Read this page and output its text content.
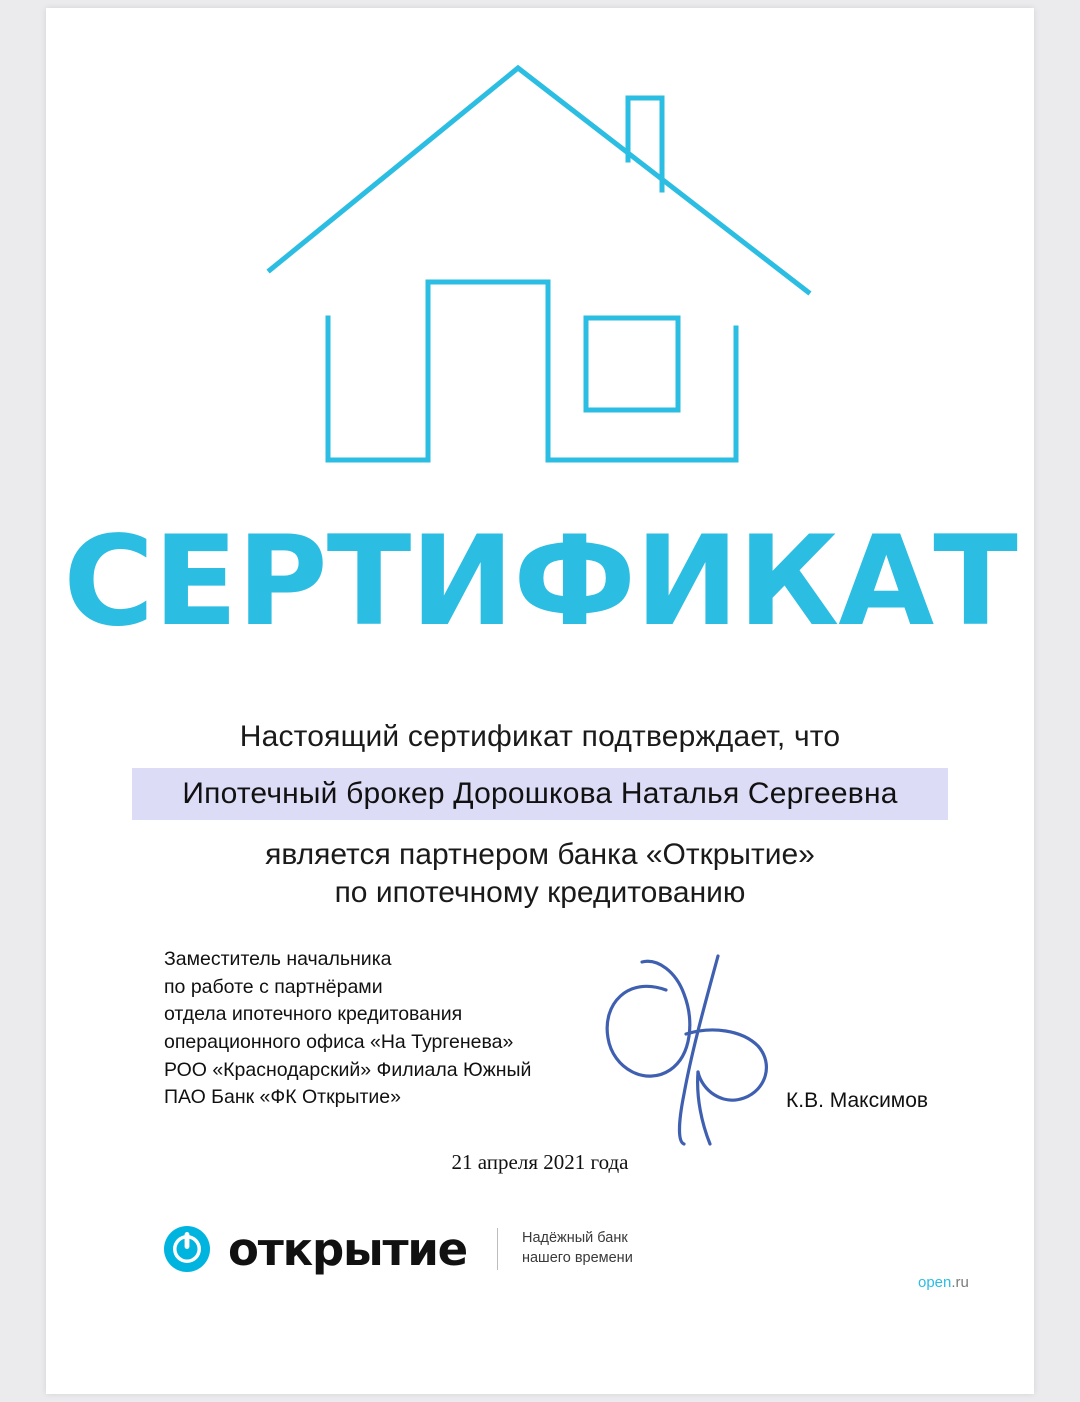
СЕРТИФИКАТ
Настоящий сертификат подтверждает, что
Ипотечный брокер Дорошкова Наталья Сергеевна
является партнером банка «Открытие»
по ипотечному кредитованию
Заместитель начальника
по работе с партнёрами
отдела ипотечного кредитования
операционного офиса «На Тургенева»
РОО «Краснодарский» Филиала Южный
ПАО Банк «ФК Открытие»	К.В. Максимов
21 апреля 2021 года
открытие	Надёжный банк
нашего времени
open.ru
